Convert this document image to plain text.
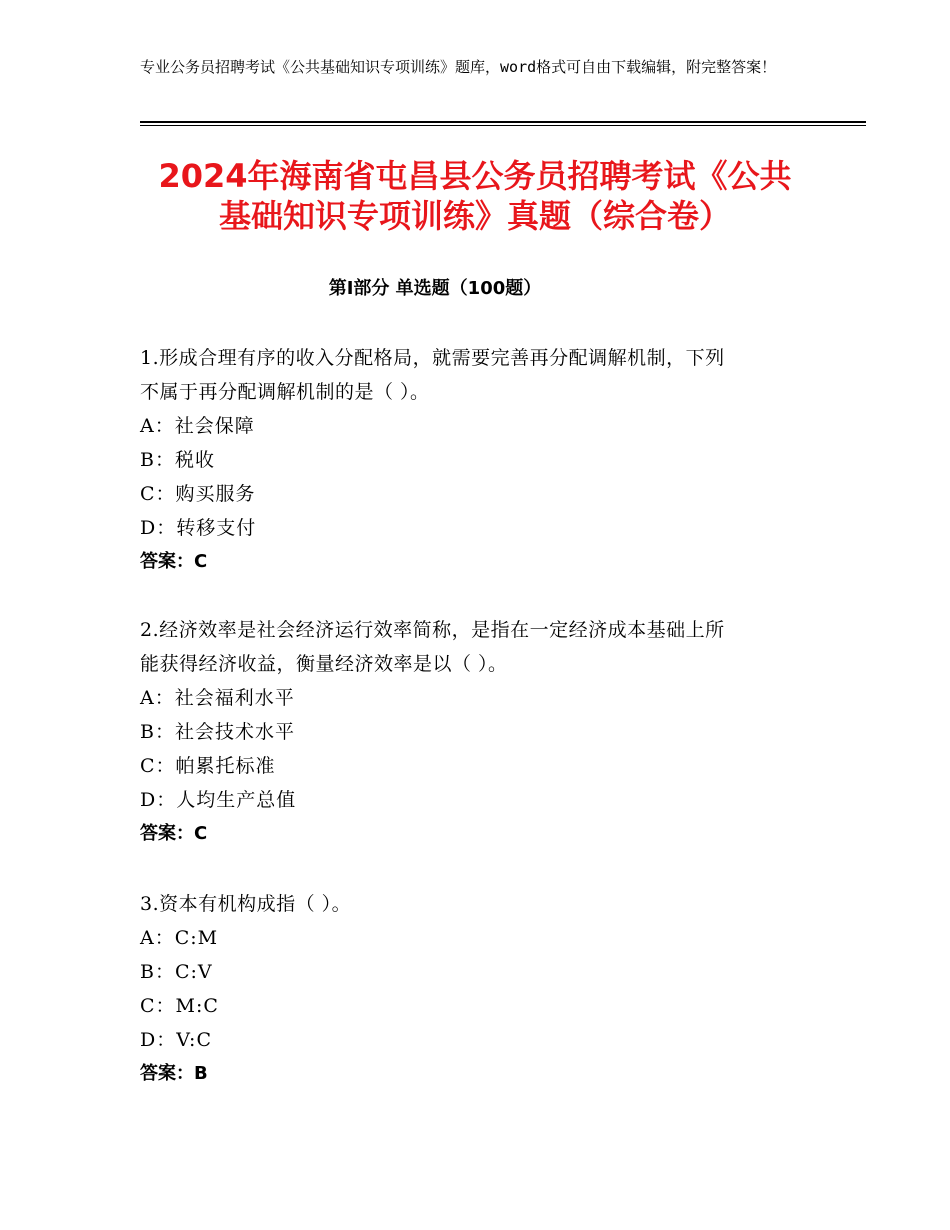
专业公务员招聘考试《公共基础知识专项训练》题库，word格式可自由下载编辑，附完整答案！
2024年海南省屯昌县公务员招聘考试《公共
基础知识专项训练》真题（综合卷）
第Ⅰ部分 单选题（100题）
1.形成合理有序的收入分配格局，就需要完善再分配调解机制，下列
不属于再分配调解机制的是（ ）。
A：社会保障
B：税收
C：购买服务
D：转移支付
答案：C
2.经济效率是社会经济运行效率简称，是指在一定经济成本基础上所
能获得经济收益，衡量经济效率是以（ ）。
A：社会福利水平
B：社会技术水平
C：帕累托标准
D：人均生产总值
答案：C
3.资本有机构成指（ ）。
A：C:M
B：C:V
C：M:C
D：V:C
答案：B
